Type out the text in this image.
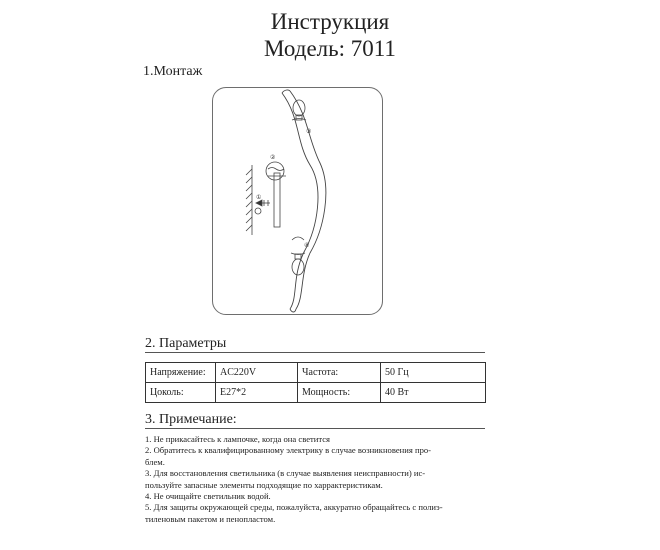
Инструкция
Модель: 7011
1.Монтаж
③
②
①
④
2. Параметры
Напряжение:	AC220V	Частота:	50 Гц
Цоколь:	E27*2	Мощность:	40 Вт
3. Примечание:
1. Не прикасайтесь к лампочке, когда она светится
2. Обратитесь к квалифицированному электрику в случае возникновения про-
блем.
3. Для восстановления светильника (в случае выявления неисправности) ис-
пользуйте запасные элементы подходящие по харрактеристикам.
4. Не очищайте светильник водой.
5. Для защиты окружающей среды, пожалуйста, аккуратно обращайтесь с полиэ-
тиленовым пакетом и пенопластом.
